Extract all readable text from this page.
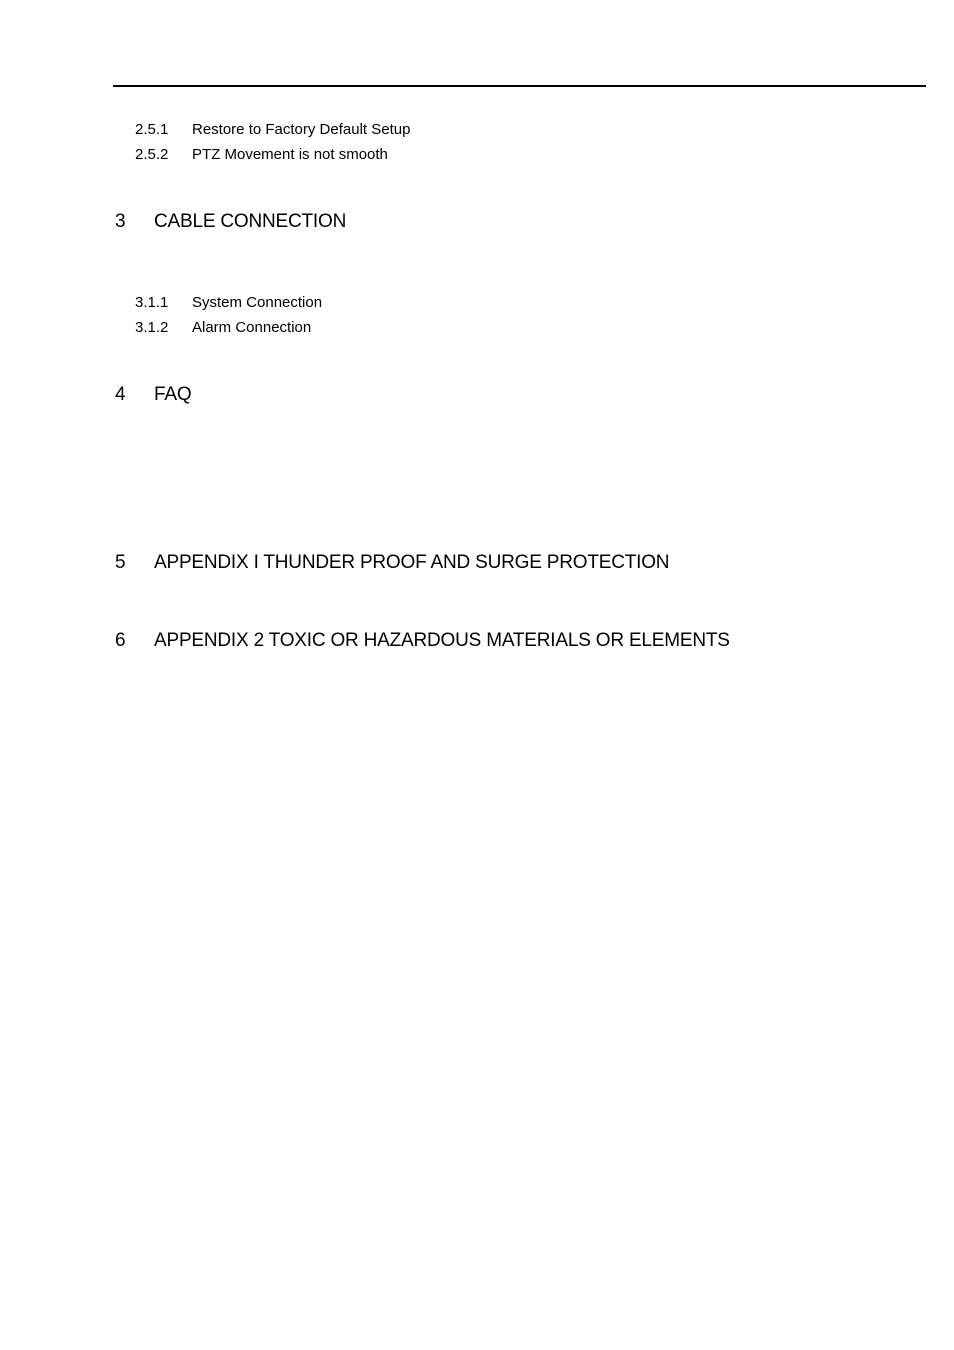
2.5.1 Restore to Factory Default Setup
2.5.2 PTZ Movement is not smooth
3 CABLE CONNECTION
3.1.1 System Connection
3.1.2 Alarm Connection
4 FAQ
5 APPENDIX I THUNDER PROOF AND SURGE PROTECTION
6 APPENDIX 2 TOXIC OR HAZARDOUS MATERIALS OR ELEMENTS
